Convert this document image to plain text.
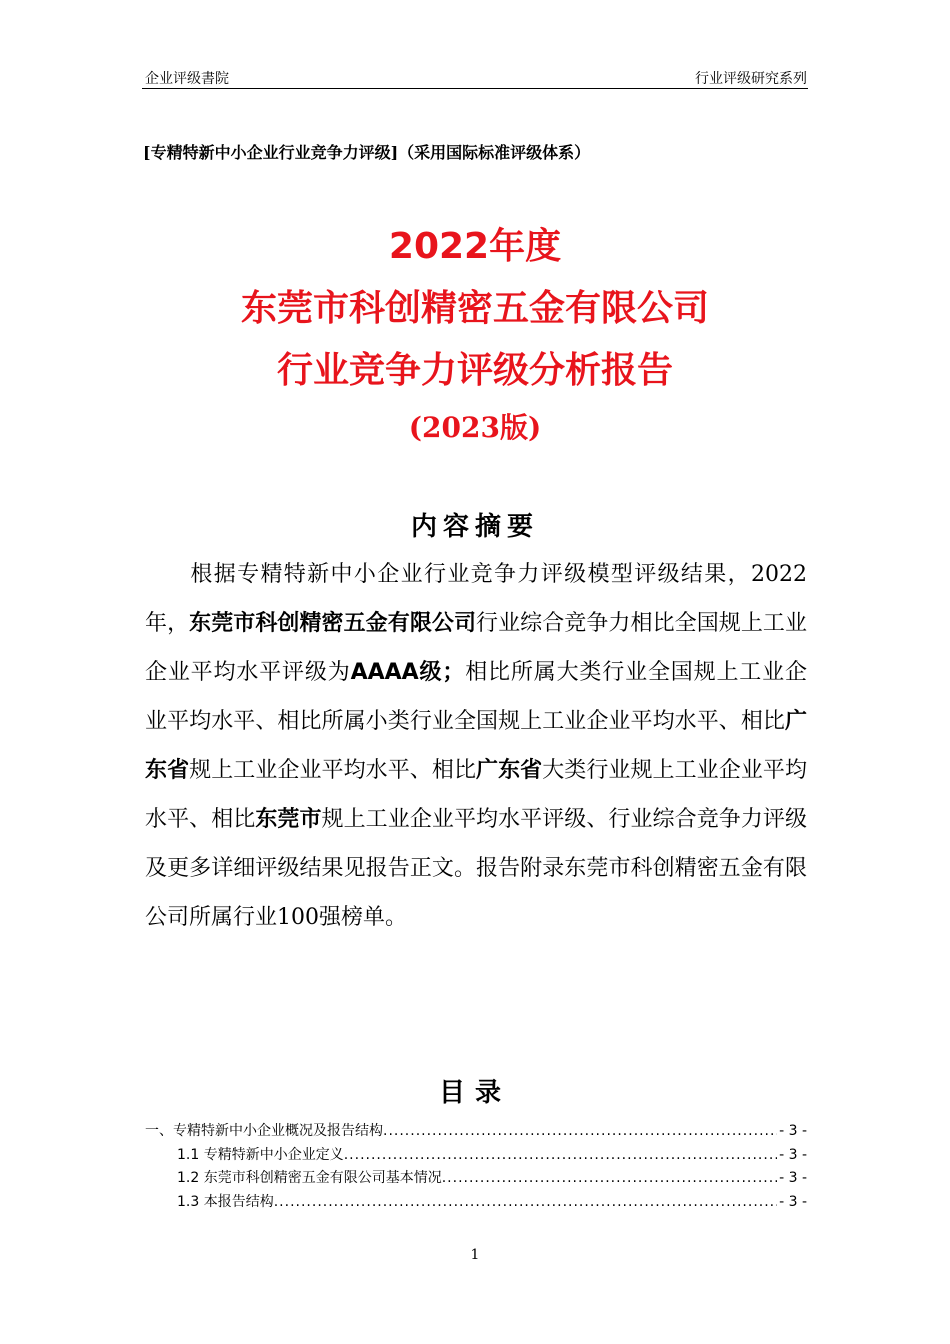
企业评级書院	行业评级研究系列
[专精特新中小企业行业竞争力评级]（采用国际标准评级体系）
2022年度
东莞市科创精密五金有限公司
行业竞争力评级分析报告
(2023版)
内容摘要
根据专精特新中小企业行业竞争力评级模型评级结果，2022年，东莞市科创精密五金有限公司行业综合竞争力相比全国规上工业企业平均水平评级为AAAA级；相比所属大类行业全国规上工业企业平均水平、相比所属小类行业全国规上工业企业平均水平、相比广东省规上工业企业平均水平、相比广东省大类行业规上工业企业平均水平、相比东莞市规上工业企业平均水平评级、行业综合竞争力评级及更多详细评级结果见报告正文。报告附录东莞市科创精密五金有限公司所属行业100强榜单。
目录
一、专精特新中小企业概况及报告结构 .....	- 3 -
1.1 专精特新中小企业定义 .....	- 3 -
1.2 东莞市科创精密五金有限公司基本情况 .....	- 3 -
1.3 本报告结构 .....	- 3 -
1
